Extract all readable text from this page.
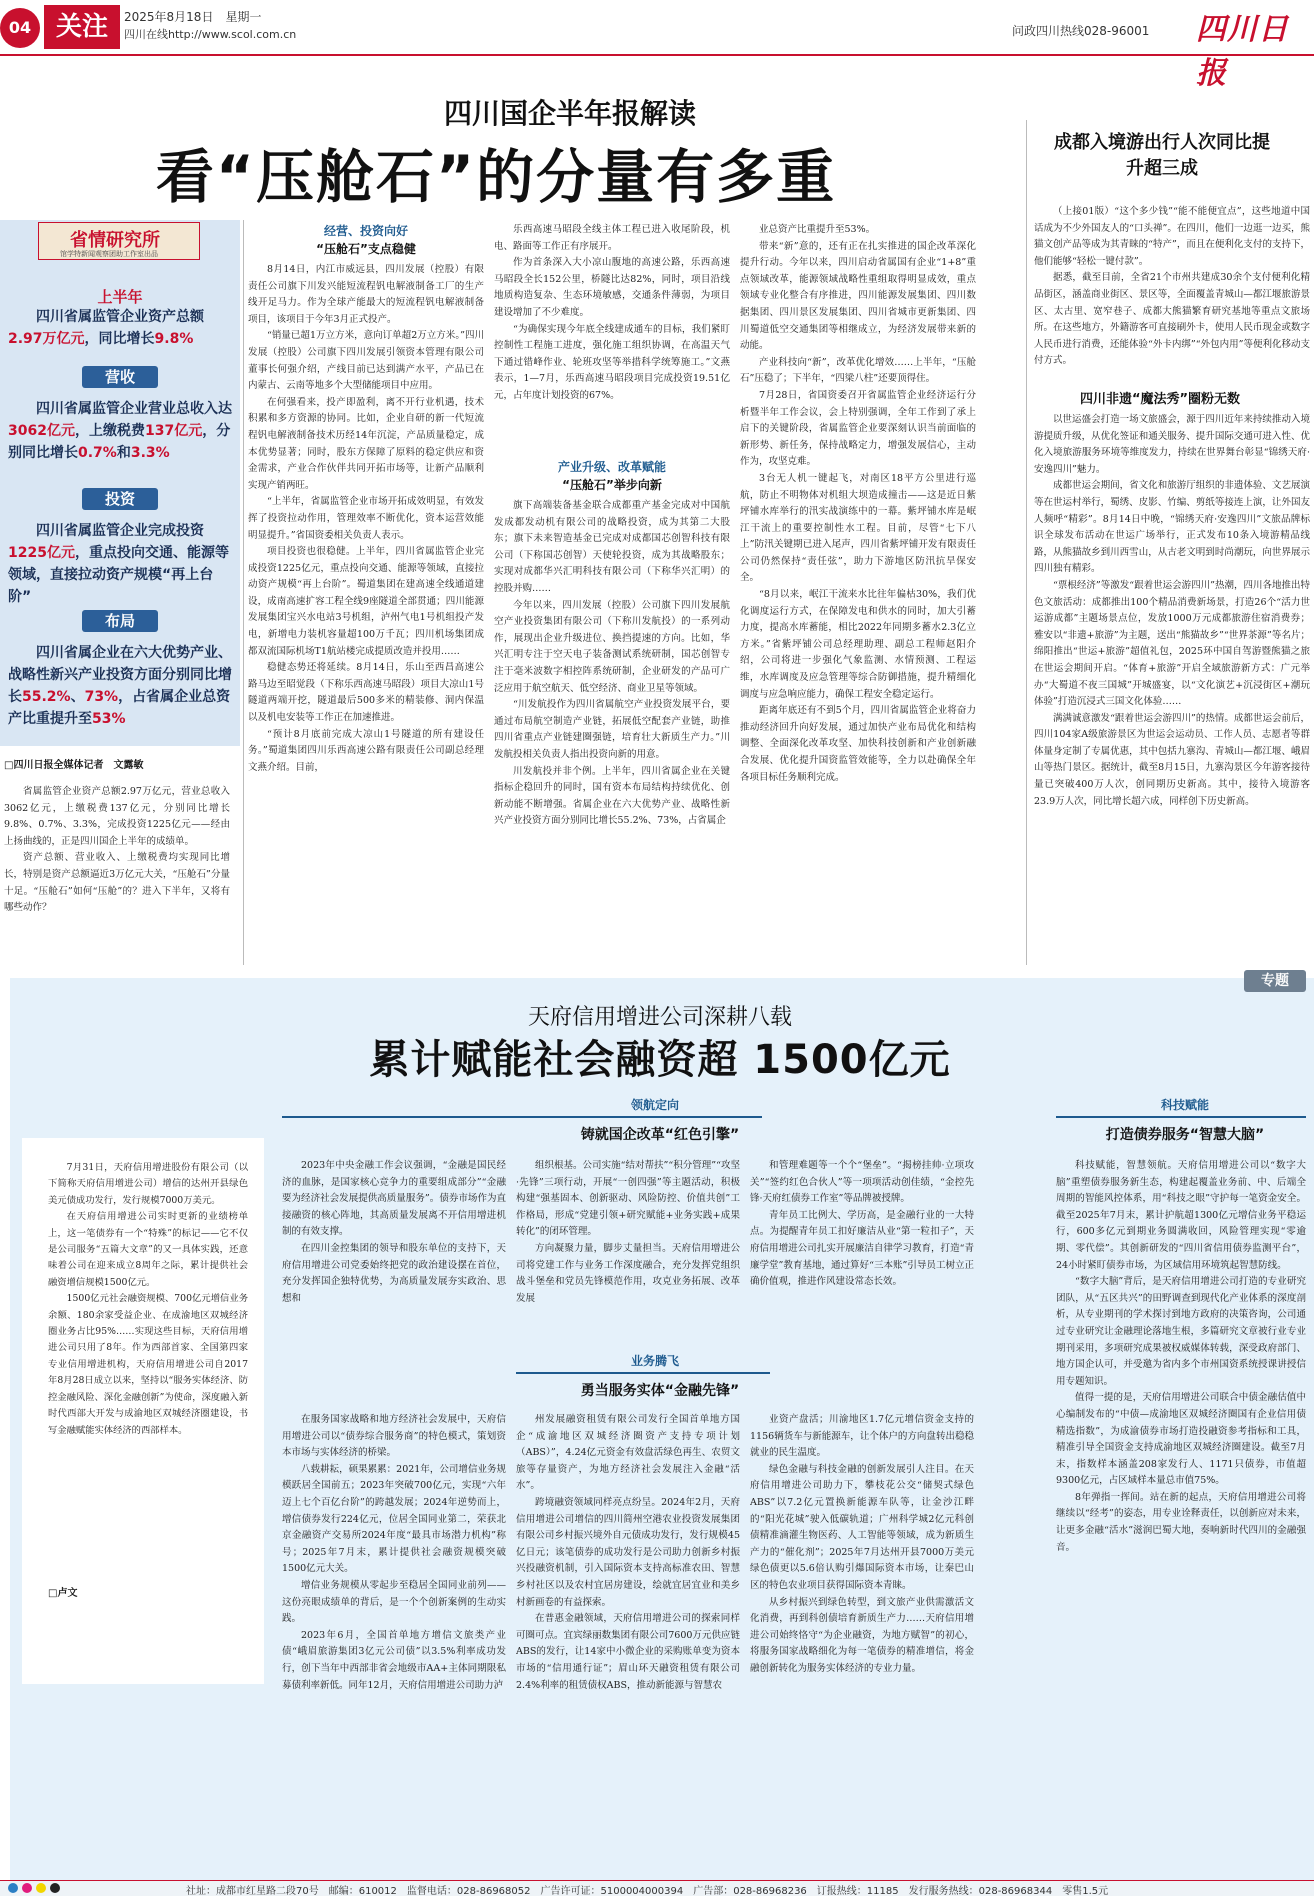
04 关注	2025年8月18日　星期一
四川在线http://www.scol.com.cn	问政四川热线028-96001 四川日报
四川国企半年报解读
看“压舱石”的分量有多重
省情研究所
馆学特新闻观察团助工作室出品
上半年
四川省属监管企业资产总额2.97万亿元，同比增长9.8%
营收
四川省属监管企业营业总收入达3062亿元，上缴税费137亿元，分别同比增长0.7%和3.3%
投资
四川省属监管企业完成投资1225亿元，重点投向交通、能源等领域，直接拉动资产规模“再上台阶”
布局
四川省属企业在六大优势产业、战略性新兴产业投资方面分别同比增长55.2%、73%，占省属企业总资产比重提升至53%
□四川日报全媒体记者　文露敏
省属监管企业资产总额2.97万亿元，营业总收入3062亿元，上缴税费137亿元，分别同比增长9.8%、0.7%、3.3%，完成投资1225亿元——经由上扬曲线的，正是四川国企上半年的成绩单。
资产总额、营业收入、上缴税费均实现同比增长，特别是资产总额逼近3万亿元大关，“压舱石”分量十足。“压舱石”如何“压舱”的？进入下半年，又将有哪些动作？
经营、投资向好
“压舱石”支点稳健
8月14日，内江市威远县，四川发展（控股）有限责任公司旗下川发兴能短流程钒电解液制备工厂的生产线开足马力。作为全球产能最大的短流程钒电解液制备项目，该项目于今年3月正式投产。
“销量已超1万立方米，意向订单超2万立方米。”四川发展（控股）公司旗下四川发展引领资本管理有限公司董事长何强介绍，产线目前已达到满产水平，产品已在内蒙古、云南等地多个大型储能项目中应用。
在何强看来，投产即盈利，离不开行业机遇，技术积累和多方资源的协同。比如，企业自研的新一代短流程钒电解液制备技术历经14年沉淀，产品质量稳定，成本优势显著；同时，股东方保障了原料的稳定供应和资金需求，产业合作伙伴共同开拓市场等，让新产品顺利实现产销两旺。
“上半年，省属监管企业市场开拓成效明显，有效发挥了投资拉动作用，管理效率不断优化，资本运营效能明显提升。”省国资委相关负责人表示。
项目投资也很稳健。上半年，四川省属监管企业完成投资1225亿元，重点投向交通、能源等领域，直接拉动资产规模“再上台阶”。蜀道集团在建高速全线通道建设，成南高速扩容工程全线9座隧道全部贯通；四川能源发展集团宝兴水电站3号机组，泸州气电1号机组投产发电，新增电力装机容量超100万千瓦；四川机场集团成都双流国际机场T1航站楼完成提质改造并投用……
稳健态势还将延续。8月14日，乐山至西昌高速公路马边至昭觉段（下称乐西高速马昭段）项目大凉山1号隧道两端开挖，隧道最后500多米的精装修、洞内保温以及机电安装等工作正在加速推进。
“预计8月底前完成大凉山1号隧道的所有建设任务。”蜀道集团四川乐西高速公路有限责任公司副总经理文燕介绍。目前，
乐西高速马昭段全线主体工程已进入收尾阶段，机电、路面等工作正有序展开。
作为首条深入大小凉山腹地的高速公路，乐西高速马昭段全长152公里，桥隧比达82%，同时，项目沿线地质构造复杂、生态环境敏感，交通条件薄弱，为项目建设增加了不少难度。
“为确保实现今年底全线建成通车的目标，我们紧盯控制性工程施工进度，强化施工组织协调，在高温天气下通过错峰作业、轮班攻坚等举措科学统筹施工。”文燕表示，1—7月，乐西高速马昭段项目完成投资19.51亿元，占年度计划投资的67%。
产业升级、改革赋能
“压舱石”举步向新
旗下高端装备基金联合成都重产基金完成对中国航发成都发动机有限公司的战略投资，成为其第二大股东；旗下未来智造基金已完成对成都国芯创智科技有限公司（下称国芯创智）天使轮投资，成为其战略股东；实现对成都华兴汇明科技有限公司（下称华兴汇明）的控股并购……
今年以来，四川发展（控股）公司旗下四川发展航空产业投资集团有限公司（下称川发航投）的一系列动作，展现出企业升级进位、换挡提速的方向。比如，华兴汇明专注于空天电子装备测试系统研制，国芯创智专注于毫米波数字相控阵系统研制，企业研发的产品可广泛应用于航空航天、低空经济、商业卫星等领域。
“川发航投作为四川省属航空产业投资发展平台，要通过布局航空制造产业链，拓展低空配套产业链，助推四川省重点产业链建圈强链，培育壮大新质生产力。”川发航投相关负责人指出投资向新的用意。
川发航投并非个例。上半年，四川省属企业在关键指标企稳回升的同时，国有资本布局结构持续优化、创新动能不断增强。省属企业在六大优势产业、战略性新兴产业投资方面分别同比增长55.2%、73%，占省属企
业总资产比重提升至53%。
带来“新”意的，还有正在扎实推进的国企改革深化提升行动。今年以来，四川启动省属国有企业“1+8”重点领域改革，能源领域战略性重组取得明显成效，重点领域专业化整合有序推进，四川能源发展集团、四川数据集团、四川景区发展集团、四川省城市更新集团、四川蜀道低空交通集团等相继成立，为经济发展带来新的动能。
产业科技向“新”，改革优化增效……上半年，“压舱石”压稳了；下半年，“四梁八柱”还要顶得住。
7月28日，省国资委召开省属监管企业经济运行分析暨半年工作会议，会上特别强调，全年工作到了承上启下的关键阶段，省属监管企业要深刻认识当前面临的新形势、新任务，保持战略定力，增强发展信心，主动作为，攻坚克难。
3台无人机一键起飞，对南区18平方公里进行巡航，防止不明物体对机组大坝造成撞击——这是近日紫坪铺水库举行的汛实战演练中的一幕。紫坪铺水库是岷江干流上的重要控制性水工程。目前，尽管“七下八上”防汛关键期已进入尾声，四川省紫坪铺开发有限责任公司仍然保持“责任弦”，助力下游地区防汛抗旱保安全。
“8月以来，岷江干流来水比往年偏枯30%，我们优化调度运行方式，在保障发电和供水的同时，加大引蓄力度，提高水库蓄能，相比2022年同期多蓄水2.3亿立方米。”省紫坪铺公司总经理助理、副总工程师赵阳介绍，公司将进一步强化气象监测、水情预测、工程运维，水库调度及应急管理等综合防御措施，提升精细化调度与应急响应能力，确保工程安全稳定运行。
距离年底还有不到5个月，四川省属监管企业将奋力推动经济回升向好发展，通过加快产业布局优化和结构调整、全面深化改革攻坚、加快科技创新和产业创新融合发展、优化提升国资监管效能等，全力以赴确保全年各项目标任务顺利完成。
成都入境游出行人次同比提升超三成
（上接01版）“这个多少钱”“能不能便宜点”，这些地道中国话成为不少外国友人的“口头禅”。在四川，他们一边逛一边买，熊猫文创产品等成为其青睐的“特产”，而且在便利化支付的支持下，他们能够“轻松一键付款”。
据悉，截至目前，全省21个市州共建成30余个支付便利化精品街区，涵盖商业街区、景区等，全面覆盖青城山—都江堰旅游景区、太古里、宽窄巷子、成都大熊猫繁育研究基地等重点文旅场所。在这些地方，外籍游客可直接刷外卡，使用人民币现金或数字人民币进行消费，还能体验“外卡内绑”“外包内用”等便利化移动支付方式。
四川非遗“魔法秀”圈粉无数
以世运盛会打造一场文旅盛会，源于四川近年来持续推动入境游提质升级，从优化签证和通关服务、提升国际交通可进入性、优化入境旅游服务环境等维度发力，持续在世界舞台彰显“锦绣天府·安逸四川”魅力。
成都世运会期间，省文化和旅游厅组织的非遗体验、文艺展演等在世运村举行，蜀绣、皮影、竹编、剪纸等接连上演，让外国友人频呼“精彩”。8月14日中晚，“锦绣天府·安逸四川”文旅品牌标识全球发布活动在世运广场举行，正式发布10条入境游精品线路，从熊猫故乡到川西雪山，从古老文明到时尚潮玩，向世界展示四川独有精彩。
“票根经济”等激发“跟着世运会游四川”热潮，四川各地推出特色文旅活动：成都推出100个精品消费新场景，打造26个“活力世运游成都”主题场景点位，发放1000万元成都旅游住宿消费券；雅安以“非遗+旅游”为主题，送出“熊猫故乡”“世界茶源”等名片；绵阳推出“世运+旅游”超值礼包，2025环中国自驾游暨熊猫之旅在世运会期间开启。“体育+旅游”开启全域旅游新方式：广元举办“大蜀道不夜三国城”开城盛宴，以“文化演艺+沉浸街区+潮玩体验”打造沉浸式三国文化体验……
满满诚意激发“跟着世运会游四川”的热情。成都世运会前后，四川104家A级旅游景区为世运会运动员、工作人员、志愿者等群体量身定制了专属优惠，其中包括九寨沟、青城山—都江堰、峨眉山等热门景区。据统计，截至8月15日，九寨沟景区今年游客接待量已突破400万人次，创同期历史新高。其中，接待入境游客23.9万人次，同比增长超六成，同样创下历史新高。
专题
天府信用增进公司深耕八载
累计赋能社会融资超 1500亿元
7月31日，天府信用增进股份有限公司（以下简称天府信用增进公司）增信的达州开县绿色美元债成功发行，发行规模7000万美元。
在天府信用增进公司实时更新的业绩榜单上，这一笔债券有一个“特殊”的标记——它不仅是公司服务“五篇大文章”的又一具体实践，还意味着公司在迎来成立8周年之际，累计提供社会融资增信规模1500亿元。
1500亿元社会融资规模、700亿元增信业务余额、180余家受益企业、在成渝地区双城经济圈业务占比95%……实现这些目标，天府信用增进公司只用了8年。作为西部首家、全国第四家专业信用增进机构，天府信用增进公司自2017年8月28日成立以来，坚持以“服务实体经济、防控金融风险、深化金融创新”为使命，深度融入新时代西部大开发与成渝地区双城经济圈建设，书写金融赋能实体经济的西部样本。
□卢文
领航定向
铸就国企改革“红色引擎”
2023年中央金融工作会议强调，“金融是国民经济的血脉，是国家核心竞争力的重要组成部分”“金融要为经济社会发展提供高质量服务”。债券市场作为直接融资的核心阵地，其高质量发展离不开信用增进机制的有效支撑。
在四川金控集团的领导和股东单位的支持下，天府信用增进公司党委始终把党的政治建设摆在首位，充分发挥国企独特优势，为高质量发展夯实政治、思想和
组织根基。公司实施“结对帮扶”“积分管理”“攻坚·先锋”三项行动，开展“一创四强”等主题活动，积极构建“强基固本、创新驱动、风险防控、价值共创”工作格局，形成“党建引领+研究赋能+业务实践+成果转化”的闭环管理。
方向凝聚力量，脚步丈量担当。天府信用增进公司将党建工作与业务工作深度融合，充分发挥党组织战斗堡垒和党员先锋模范作用，攻克业务拓展、改革发展
和管理难题等一个个“堡垒”。“揭榜挂帅·立项攻关”“签约红色合伙人”等一项项活动创佳绩，“金控先锋·天府红债券工作室”等品牌被授牌。
青年员工比例大、学历高，是金融行业的一大特点。为提醒青年员工扣好廉洁从业“第一粒扣子”，天府信用增进公司扎实开展廉洁自律学习教育，打造“青廉学堂”教育基地，通过算好“三本账”引导员工树立正确价值观，推进作风建设常态长效。
业务腾飞
勇当服务实体“金融先锋”
在服务国家战略和地方经济社会发展中，天府信用增进公司以“债券综合服务商”的特色模式，策划资本市场与实体经济的桥梁。
八载耕耘，硕果累累：2021年，公司增信业务规模跃居全国前五；2023年突破700亿元，实现“六年迈上七个百亿台阶”的跨越发展；2024年逆势而上，增信债券发行224亿元，位居全国同业第二，荣获北京金融资产交易所2024年度“最具市场潜力机构”称号；2025年7月末，累计提供社会融资规模突破1500亿元大关。
增信业务规模从零起步至稳居全国同业前列——这份亮眼成绩单的背后，是一个个创新案例的生动实践。
2023年6月，全国首单地方增信文旅类产业债“峨眉旅游集团3亿元公司债”以3.5%利率成功发行，创下当年中西部非省会地级市AA+主体同期限私募债利率新低。同年12月，天府信用增进公司助力泸
州发展融资租赁有限公司发行全国首单地方国企“成渝地区双城经济圈资产支持专项计划（ABS）”，4.24亿元资金有效盘活绿色再生、农贸文旅等存量资产，为地方经济社会发展注入金融“活水”。
跨境融资领域同样亮点纷呈。2024年2月，天府信用增进公司增信的四川简州空港农业投资发展集团有限公司乡村振兴境外自元债成功发行，发行规模45亿日元；该笔债券的成功发行是公司助力创新乡村振兴投融资机制，引入国际资本支持高标准农田、智慧乡村社区以及农村宜居房建设，绘就宜居宜业和美乡村新画卷的有益探索。
在普惠金融领域，天府信用增进公司的探索同样可圈可点。宜宾绿丽数集团有限公司7600万元供应链ABS的发行，让14家中小微企业的采购账单变为资本市场的“信用通行证”；眉山环天融资租赁有限公司2.4%利率的租赁债权ABS，推动新能源与智慧农
业资产盘活；川渝地区1.7亿元增信资金支持的1156辆货车与新能源车，让个体户的方向盘转出稳稳就业的民生温度。
绿色金融与科技金融的创新发展引人注目。在天府信用增进公司助力下，攀枝花公交“储契式绿色ABS”以7.2亿元置换新能源车队等，让金沙江畔的“阳光花城”驶入低碳轨道；广州科学城2亿元科创债精准滴灌生物医药、人工智能等领域，成为新质生产力的“催化剂”；2025年7月达州开县7000万美元绿色债更以5.6倍认购引爆国际资本市场，让秦巴山区的特色农业项目获得国际资本青睐。
从乡村振兴到绿色转型，到文旅产业供需激活文化消费，再到科创债培育新质生产力……天府信用增进公司始终恪守“为企业融资，为地方赋智”的初心，将服务国家战略细化为每一笔债券的精准增信，将金融创新转化为服务实体经济的专业力量。
科技赋能
打造债券服务“智慧大脑”
科技赋能，智慧领航。天府信用增进公司以“数字大脑”重塑债券服务新生态，构建起覆盖业务前、中、后端全周期的智能风控体系，用“科技之眼”守护每一笔资金安全。截至2025年7月末，累计护航超1300亿元增信业务平稳运行，600多亿元到期业务圆满收回，风险管理实现“零逾期、零代偿”。其创新研发的“四川省信用债券监测平台”，24小时紧盯债券市场，为区域信用环境筑起智慧防线。
“数字大脑”背后，是天府信用增进公司打造的专业研究团队，从“五区共兴”的田野调查到现代化产业体系的深度剖析，从专业期刊的学术探讨到地方政府的决策咨询，公司通过专业研究让金融理论落地生根，多篇研究文章被行业专业期刊采用，多项研究成果被权威媒体转载，深受政府部门、地方国企认可，并受邀为省内多个市州国资系统授课讲授信用专题知识。
值得一提的是，天府信用增进公司联合中债金融估值中心编制发布的“中债—成渝地区双城经济圈国有企业信用债精选指数”，为成渝债券市场打造投融资参考指标和工具，精准引导全国资金支持成渝地区双城经济圈建设。截至7月末，指数样本涵盖208家发行人、1171只债券，市值超9300亿元，占区域样本量总市值75%。
8年弹指一挥间。站在新的起点，天府信用增进公司将继续以“经考”的姿态，用专业诠释责任，以创新应对未来，让更多金融“活水”滋润巴蜀大地，奏响新时代四川的金融强音。
社址：成都市红星路二段70号　邮编：610012　监督电话：028-86968052　广告许可证：5100004000394　广告部：028-86968236　订报热线：11185　发行服务热线：028-86968344　零售1.5元
